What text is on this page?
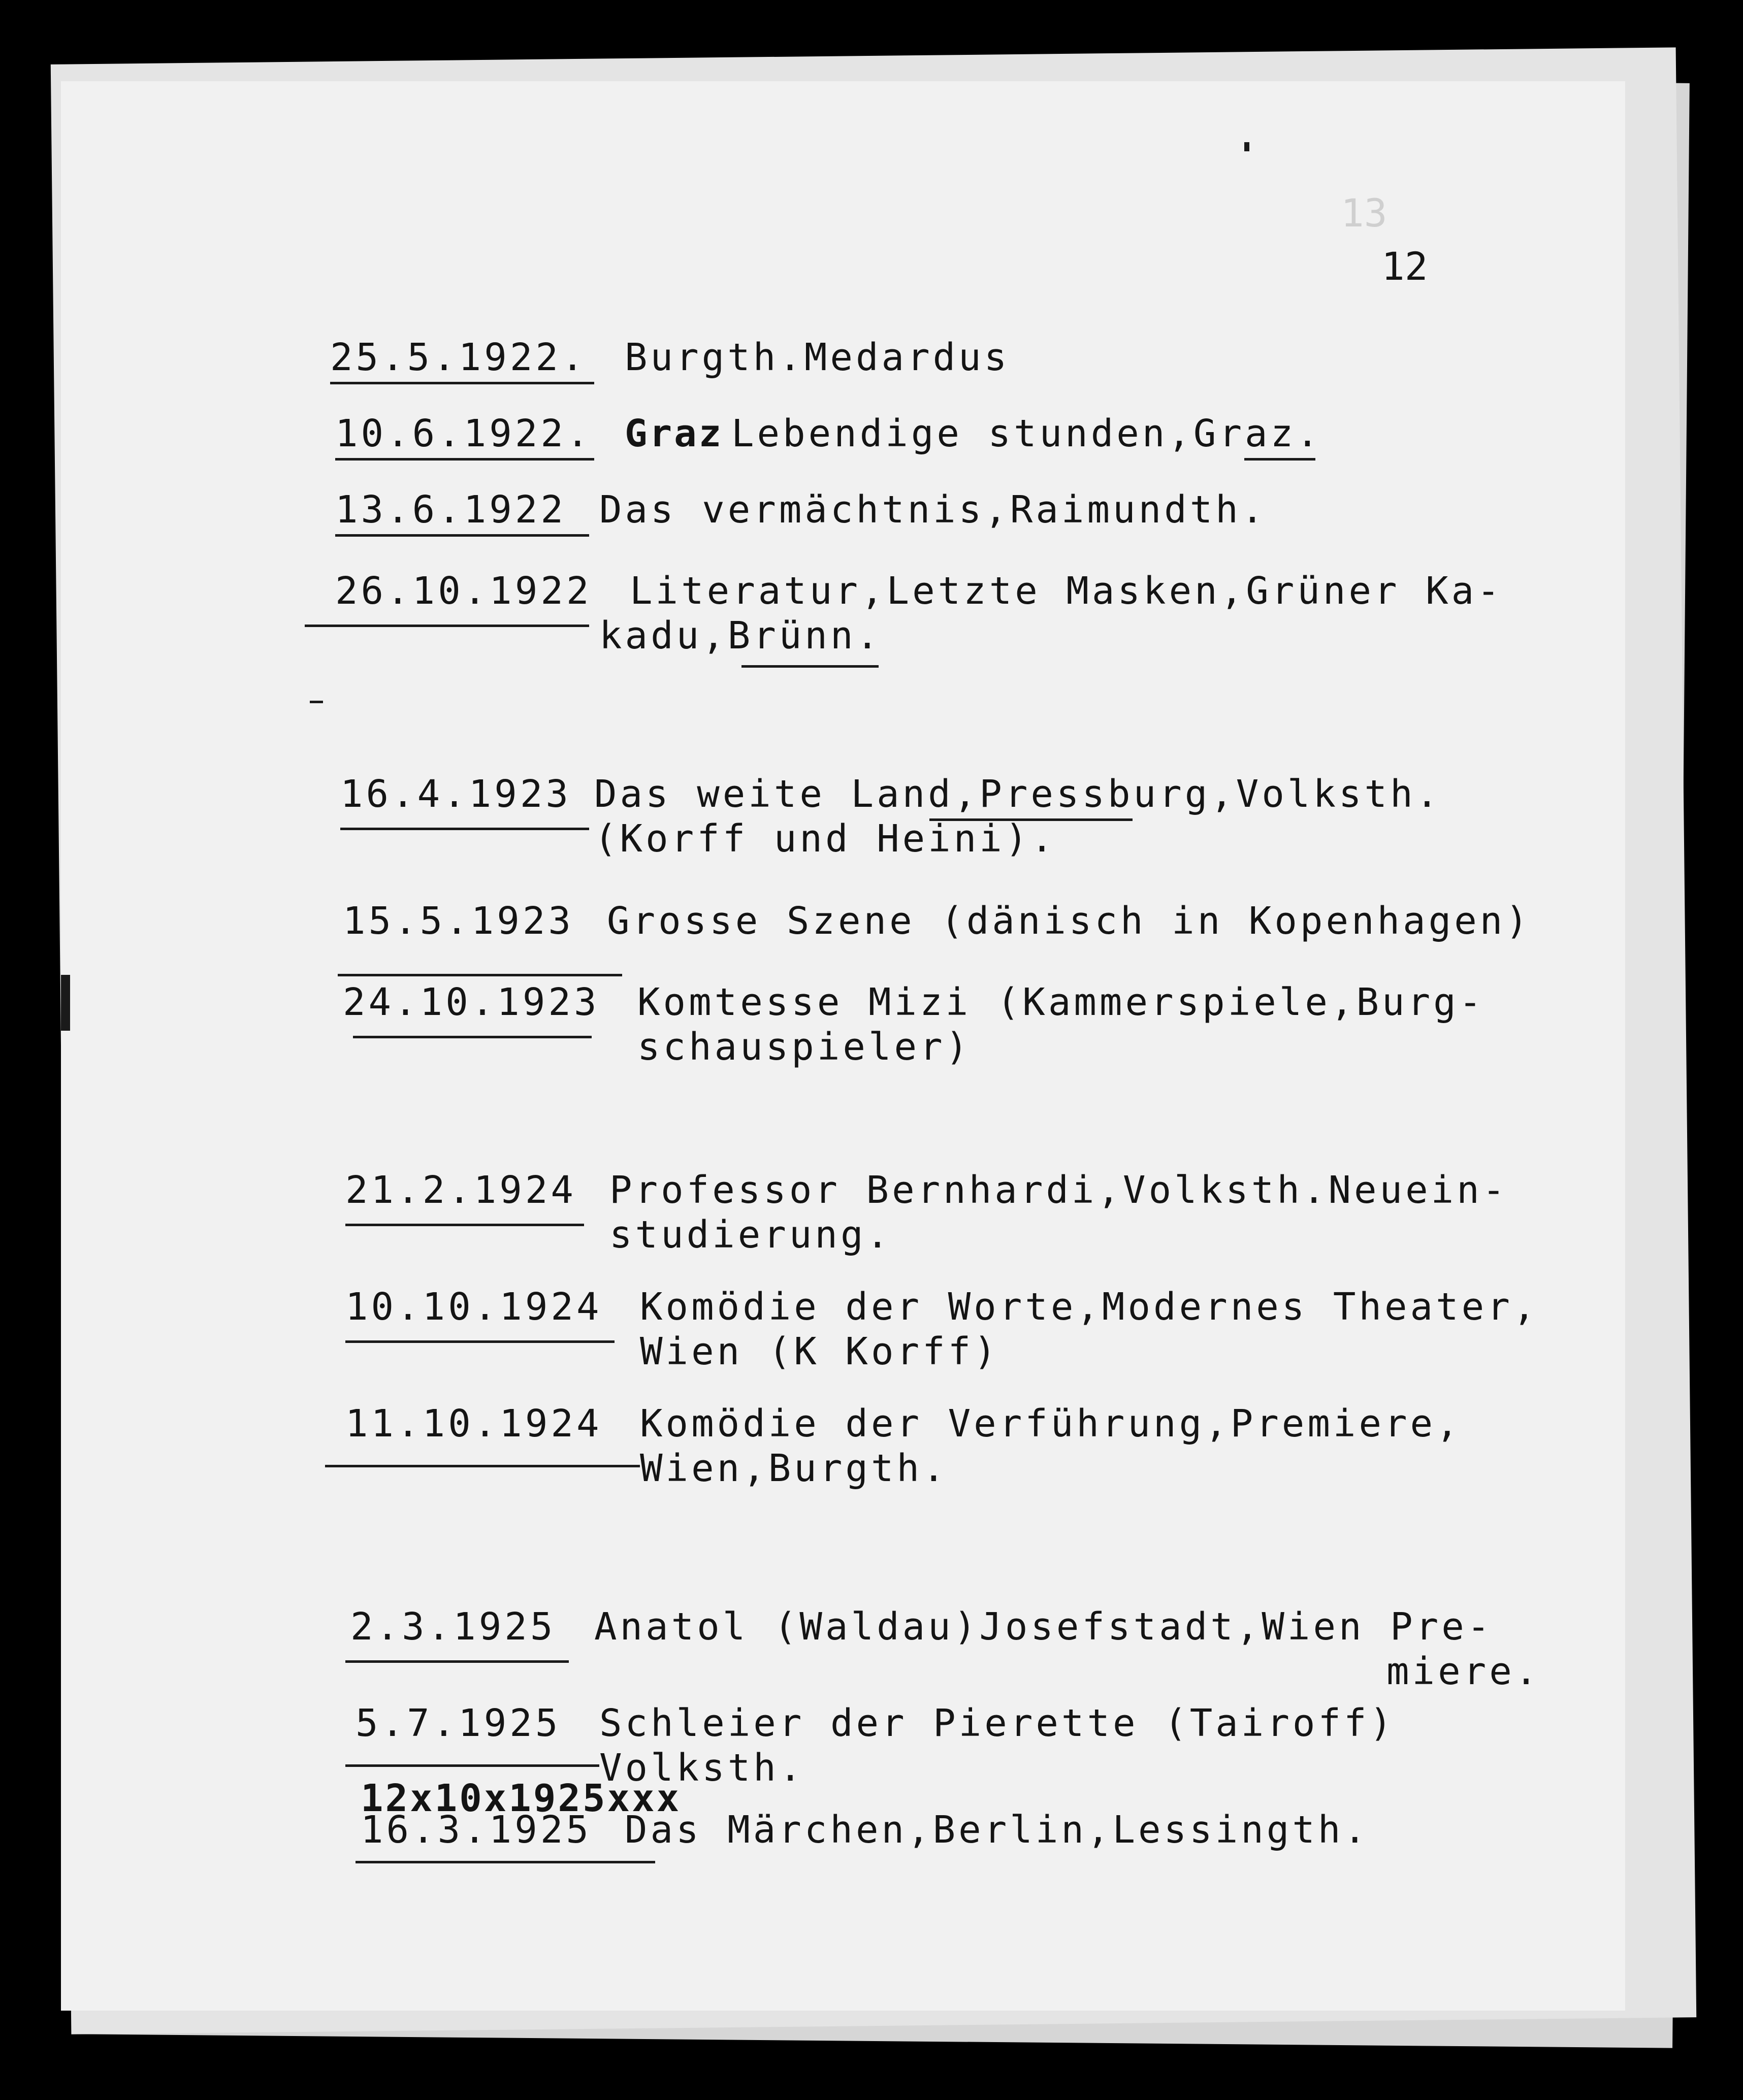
13
12
25.5.1922. Burgth.Medardus
10.6.1922. Graz Lebendige stunden,Graz.
13.6.1922 Das vermächtnis,Raimundth.
26.10.1922 Literatur,Letzte Masken,Grüner Ka-
kadu,Brünn.
16.4.1923 Das weite Land,Pressburg,Volksth.
(Korff und Heini).
15.5.1923 Grosse Szene (dänisch in Kopenhagen)
24.10.1923 Komtesse Mizi (Kammerspiele,Burg-
schauspieler)
21.2.1924 Professor Bernhardi,Volksth.Neuein-
studierung.
10.10.1924 Komödie der Worte,Modernes Theater,
Wien (K Korff)
11.10.1924 Komödie der Verführung,Premiere,
Wien,Burgth.
2.3.1925 Anatol (Waldau)Josefstadt,Wien Pre-
miere.
5.7.1925 Schleier der Pierette (Tairoff)
Volksth.
12x10x1925xxx
16.3.1925 Das Märchen,Berlin,Lessingth.
